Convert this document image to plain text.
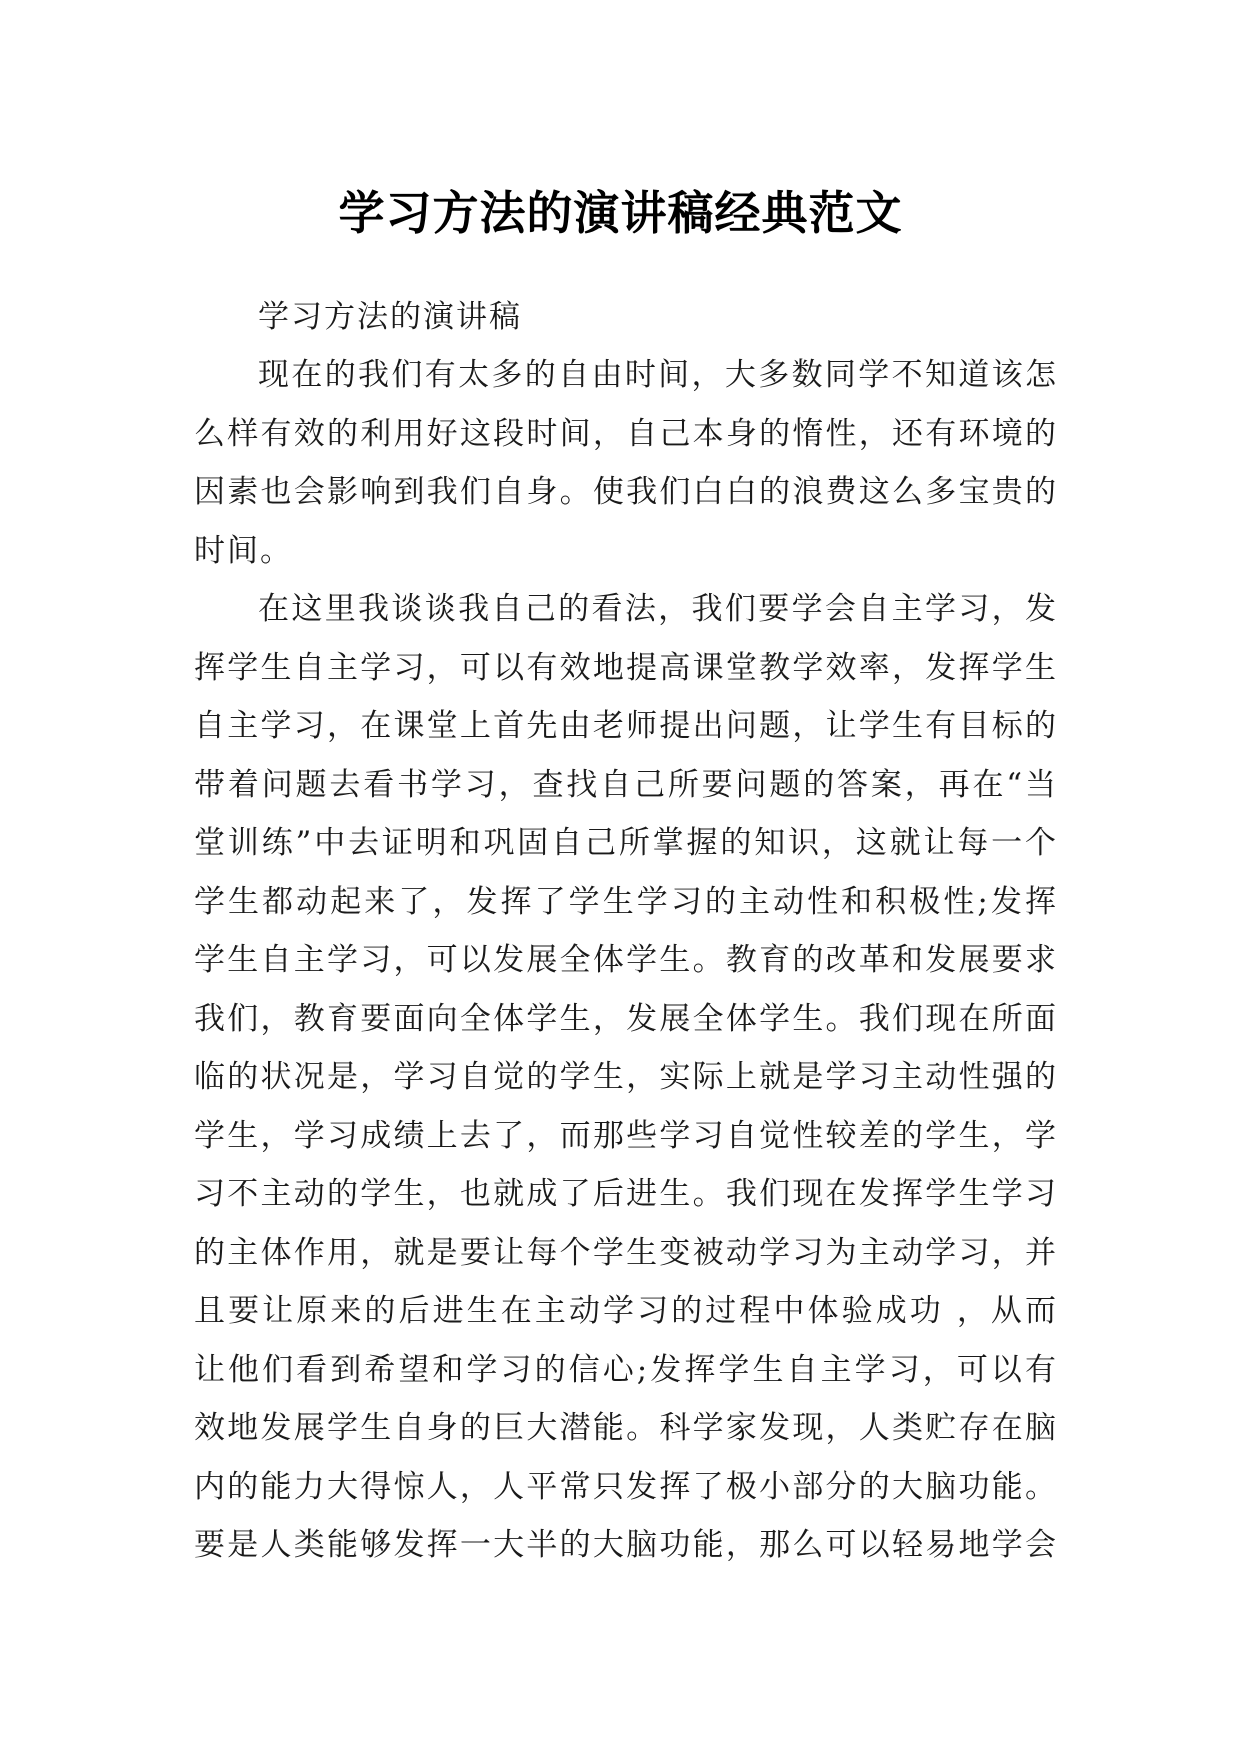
学习方法的演讲稿经典范文

学习方法的演讲稿

现在的我们有太多的自由时间，大多数同学不知道该怎
么样有效的利用好这段时间，自己本身的惰性，还有环境的
因素也会影响到我们自身。使我们白白的浪费这么多宝贵的
时间。
在这里我谈谈我自己的看法，我们要学会自主学习，发
挥学生自主学习，可以有效地提高课堂教学效率，发挥学生
自主学习，在课堂上首先由老师提出问题，让学生有目标的
带着问题去看书学习，查找自己所要问题的答案，再在“当
堂训练”中去证明和巩固自己所掌握的知识，这就让每一个
学生都动起来了，发挥了学生学习的主动性和积极性;发挥
学生自主学习，可以发展全体学生。教育的改革和发展要求
我们，教育要面向全体学生，发展全体学生。我们现在所面
临的状况是，学习自觉的学生，实际上就是学习主动性强的
学生，学习成绩上去了，而那些学习自觉性较差的学生，学
习不主动的学生，也就成了后进生。我们现在发挥学生学习
的主体作用，就是要让每个学生变被动学习为主动学习，并
且要让原来的后进生在主动学习的过程中体验成功 ，从而
让他们看到希望和学习的信心;发挥学生自主学习，可以有
效地发展学生自身的巨大潜能。科学家发现，人类贮存在脑
内的能力大得惊人，人平常只发挥了极小部分的大脑功能。
要是人类能够发挥一大半的大脑功能，那么可以轻易地学会
